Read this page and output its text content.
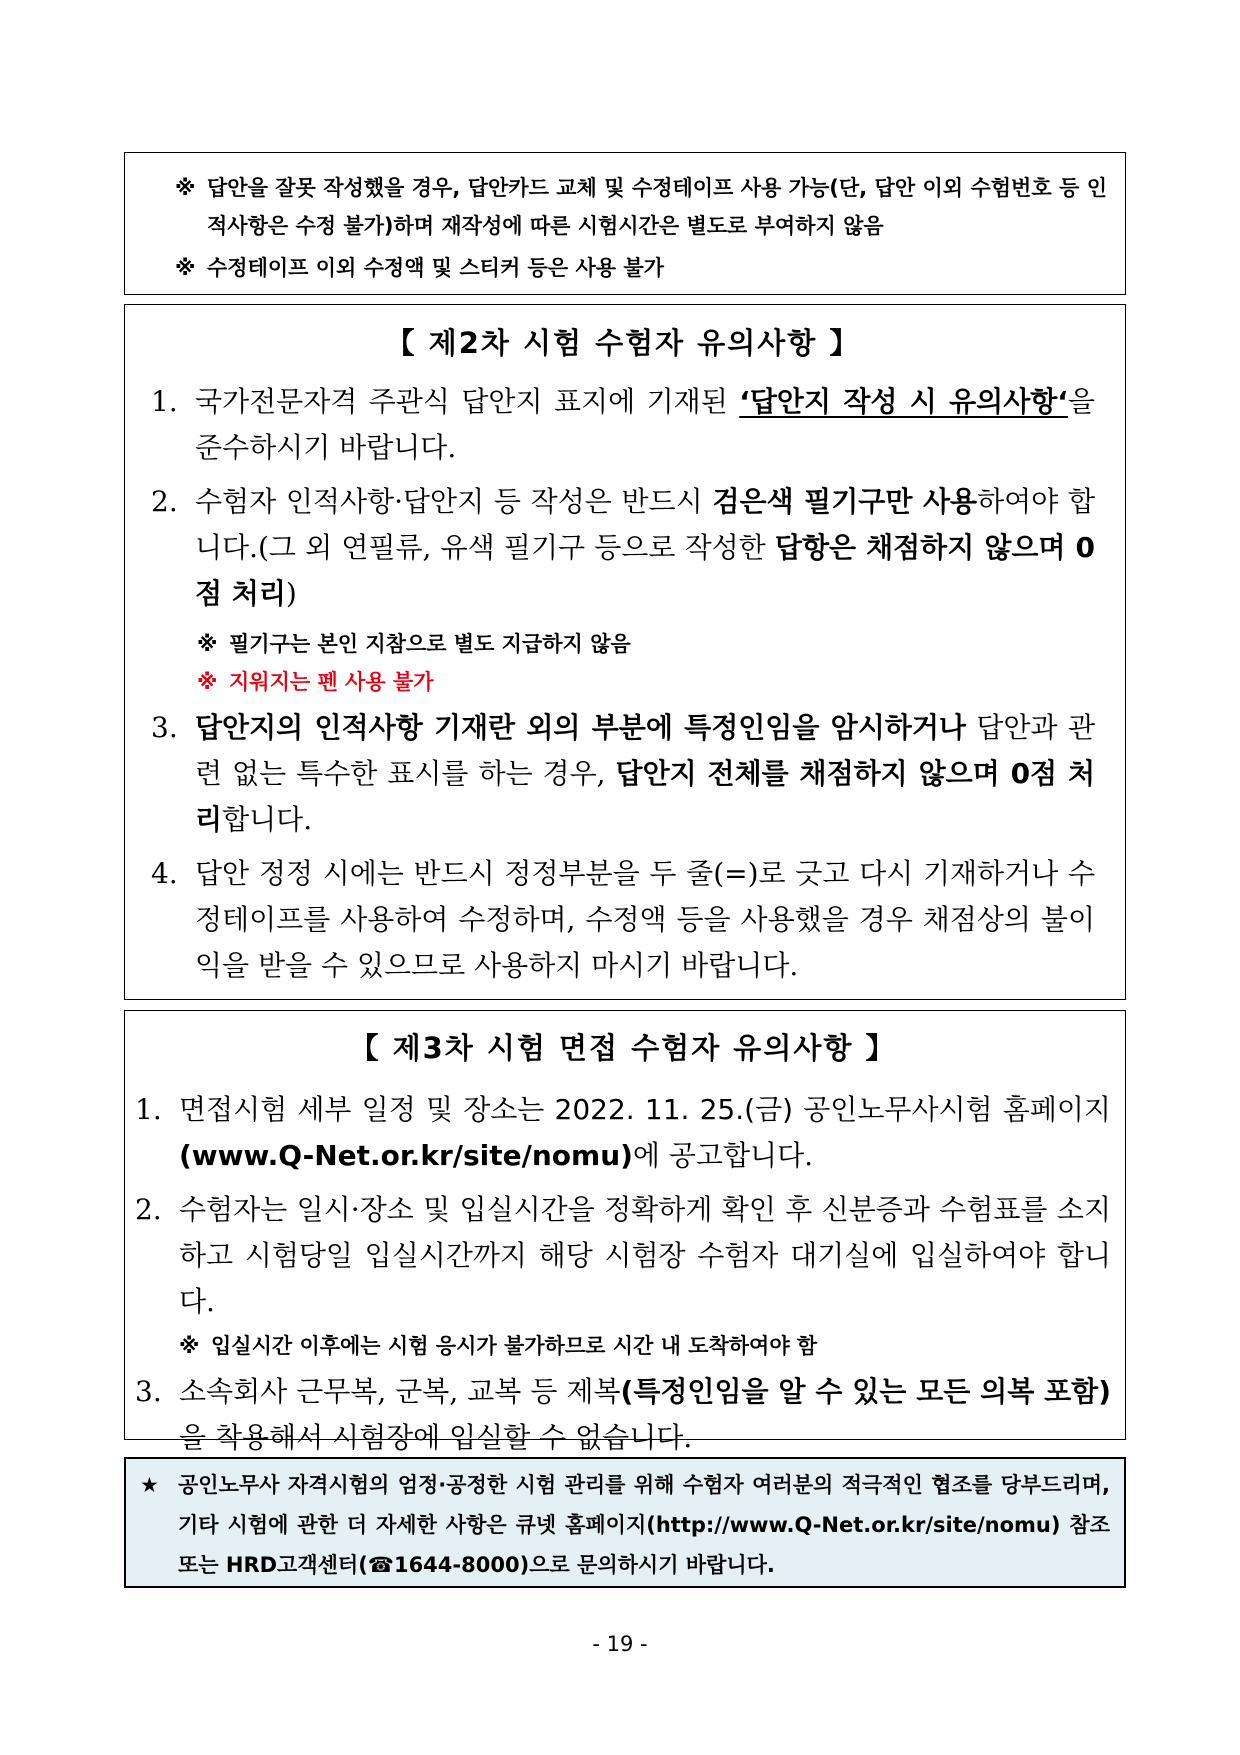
※ 답안을 잘못 작성했을 경우, 답안카드 교체 및 수정테이프 사용 가능(단, 답안 이외 수험번호 등 인적사항은 수정 불가)하며 재작성에 따른 시험시간은 별도로 부여하지 않음
※ 수정테이프 이외 수정액 및 스티커 등은 사용 불가

【 제2차 시험 수험자 유의사항 】

1. 국가전문자격 주관식 답안지 표지에 기재된 ‘답안지 작성 시 유의사항‘을 준수하시기 바랍니다.
2. 수험자 인적사항·답안지 등 작성은 반드시 검은색 필기구만 사용하여야 합니다.(그 외 연필류, 유색 필기구 등으로 작성한 답항은 채점하지 않으며 0점 처리)
※ 필기구는 본인 지참으로 별도 지급하지 않음
※ 지워지는 펜 사용 불가
3. 답안지의 인적사항 기재란 외의 부분에 특정인임을 암시하거나 답안과 관련 없는 특수한 표시를 하는 경우, 답안지 전체를 채점하지 않으며 0점 처리합니다.
4. 답안 정정 시에는 반드시 정정부분을 두 줄(=)로 긋고 다시 기재하거나 수정테이프를 사용하여 수정하며, 수정액 등을 사용했을 경우 채점상의 불이익을 받을 수 있으므로 사용하지 마시기 바랍니다.

【 제3차 시험 면접 수험자 유의사항 】

1. 면접시험 세부 일정 및 장소는 2022. 11. 25.(금) 공인노무사시험 홈페이지 (www.Q-Net.or.kr/site/nomu)에 공고합니다.
2. 수험자는 일시·장소 및 입실시간을 정확하게 확인 후 신분증과 수험표를 소지하고 시험당일 입실시간까지 해당 시험장 수험자 대기실에 입실하여야 합니다.
※ 입실시간 이후에는 시험 응시가 불가하므로 시간 내 도착하여야 함
3. 소속회사 근무복, 군복, 교복 등 제복(특정인임을 알 수 있는 모든 의복 포함)을 착용해서 시험장에 입실할 수 없습니다.
★ 공인노무사 자격시험의 엄정·공정한 시험 관리를 위해 수험자 여러분의 적극적인 협조를 당부드리며, 기타 시험에 관한 더 자세한 사항은 큐넷 홈페이지(http://www.Q-Net.or.kr/site/nomu) 참조 또는 HRD고객센터(☎1644-8000)으로 문의하시기 바랍니다.
- 19 -
